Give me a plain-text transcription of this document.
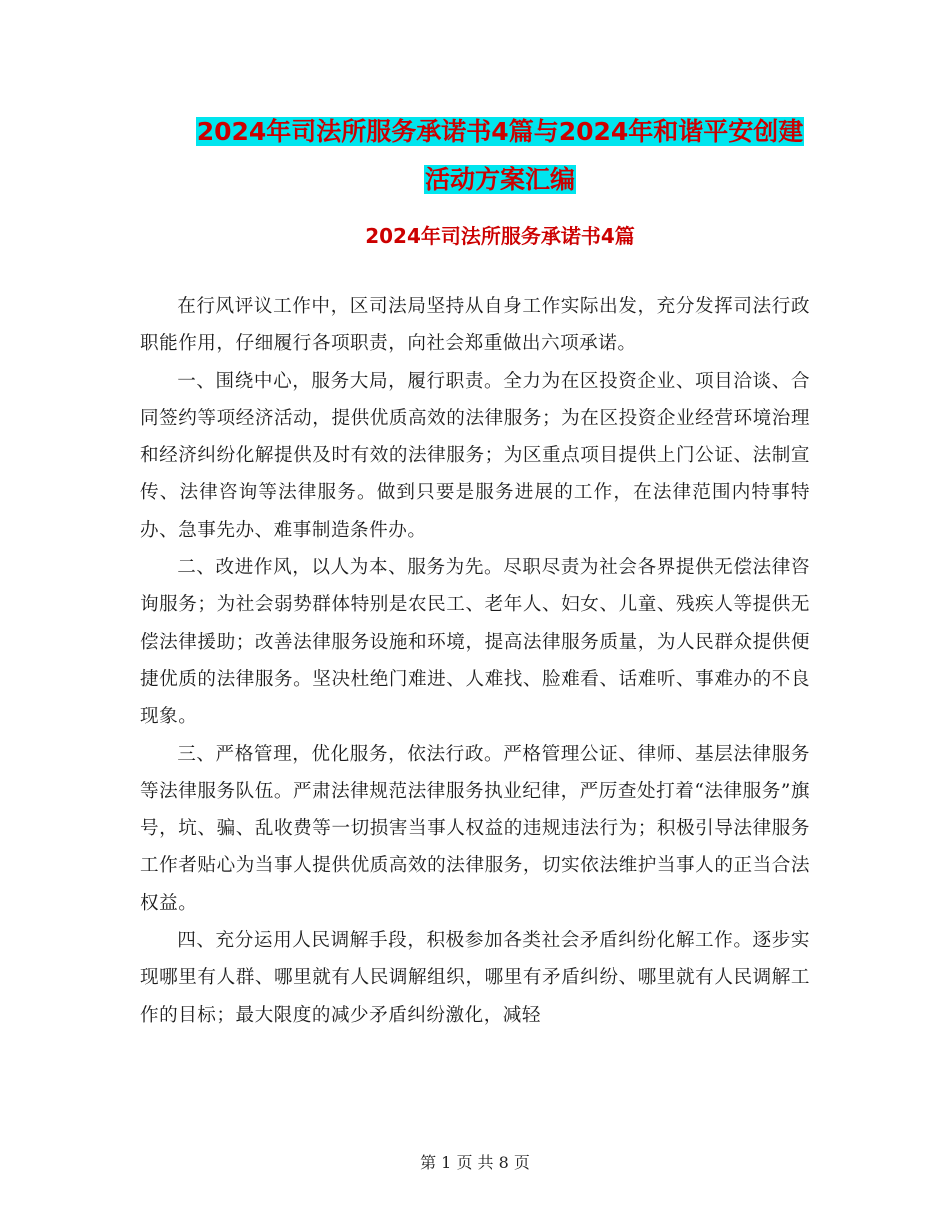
2024年司法所服务承诺书4篇与2024年和谐平安创建
活动方案汇编
2024年司法所服务承诺书4篇

在行风评议工作中，区司法局坚持从自身工作实际出发，充分发挥司法行政职能作用，仔细履行各项职责，向社会郑重做出六项承诺。

一、围绕中心，服务大局，履行职责。全力为在区投资企业、项目洽谈、合同签约等项经济活动，提供优质高效的法律服务；为在区投资企业经营环境治理和经济纠纷化解提供及时有效的法律服务；为区重点项目提供上门公证、法制宣传、法律咨询等法律服务。做到只要是服务进展的工作，在法律范围内特事特办、急事先办、难事制造条件办。

二、改进作风，以人为本、服务为先。尽职尽责为社会各界提供无偿法律咨询服务；为社会弱势群体特别是农民工、老年人、妇女、儿童、残疾人等提供无偿法律援助；改善法律服务设施和环境，提高法律服务质量，为人民群众提供便捷优质的法律服务。坚决杜绝门难进、人难找、脸难看、话难听、事难办的不良现象。

三、严格管理，优化服务，依法行政。严格管理公证、律师、基层法律服务等法律服务队伍。严肃法律规范法律服务执业纪律，严厉查处打着“法律服务”旗号，坑、骗、乱收费等一切损害当事人权益的违规违法行为；积极引导法律服务工作者贴心为当事人提供优质高效的法律服务，切实依法维护当事人的正当合法权益。

四、充分运用人民调解手段，积极参加各类社会矛盾纠纷化解工作。逐步实现哪里有人群、哪里就有人民调解组织，哪里有矛盾纠纷、哪里就有人民调解工作的目标；最大限度的减少矛盾纠纷激化，减轻

第 1 页 共 8 页
